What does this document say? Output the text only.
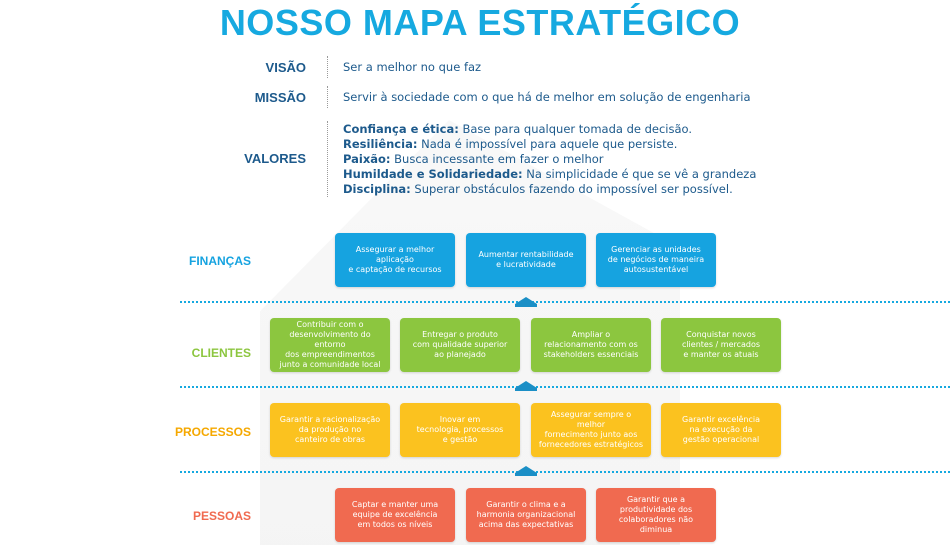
NOSSO MAPA ESTRATÉGICO
VISÃO	Ser a melhor no que faz
MISSÃO	Servir à sociedade com o que há de melhor em solução de engenharia
VALORES
Confiança e ética: Base para qualquer tomada de decisão.
Resiliência: Nada é impossível para aquele que persiste.
Paixão: Busca incessante em fazer o melhor
Humildade e Solidariedade: Na simplicidade é que se vê a grandeza
Disciplina: Superar obstáculos fazendo do impossível ser possível.
FINANÇAS
Assegurar a melhor
aplicação
e captação de recursos
Aumentar rentabilidade
e lucratividade
Gerenciar as unidades
de negócios de maneira
autosustentável
CLIENTES
Contribuir com o
desenvolvimento do entorno
dos empreendimentos
junto a comunidade local
Entregar o produto
com qualidade superior
ao planejado
Ampliar o
relacionamento com os
stakeholders essenciais
Conquistar novos
clientes / mercados
e manter os atuais
PROCESSOS
Garantir a racionalização
da produção no
canteiro de obras
Inovar em
tecnologia, processos
e gestão
Assegurar sempre o melhor
fornecimento junto aos
fornecedores estratégicos
Garantir excelência
na execução da
gestão operacional
PESSOAS
Captar e manter uma
equipe de excelência
em todos os níveis
Garantir o clima e a
harmonia organizacional
acima das expectativas
Garantir que a
produtividade dos
colaboradores não diminua
